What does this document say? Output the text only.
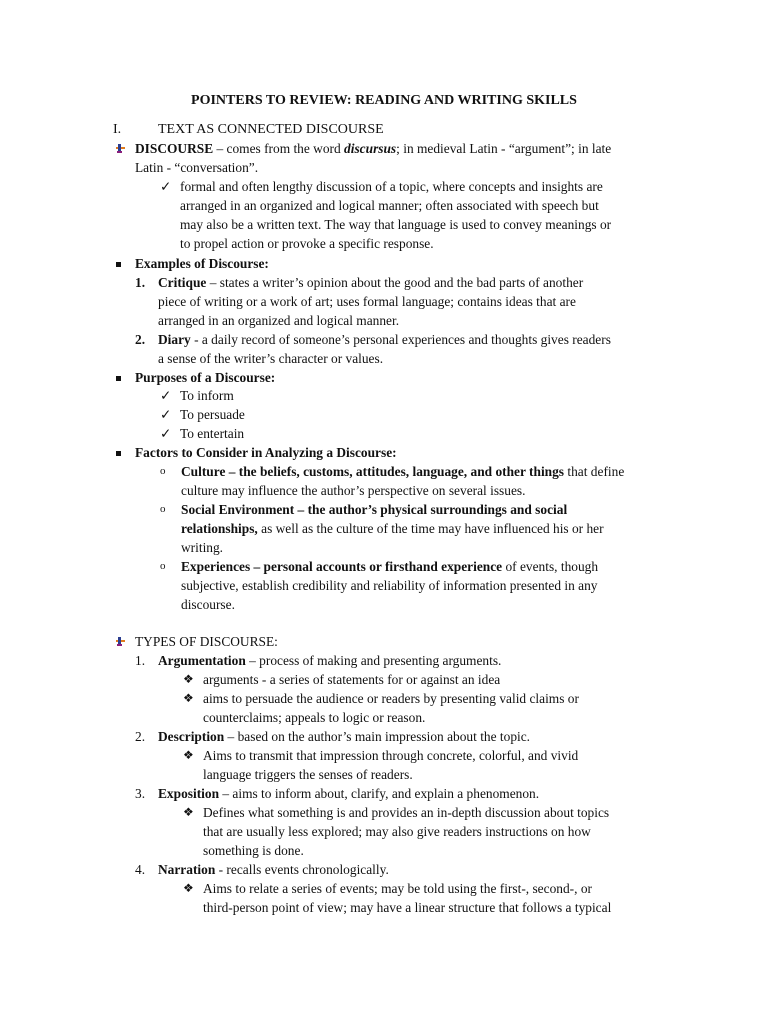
POINTERS TO REVIEW: READING AND WRITING SKILLS
I.	TEXT AS CONNECTED DISCOURSE
DISCOURSE – comes from the word discursus; in medieval Latin - “argument”; in late
Latin - “conversation”.
✓ formal and often lengthy discussion of a topic, where concepts and insights are
arranged in an organized and logical manner; often associated with speech but
may also be a written text. The way that language is used to convey meanings or
to propel action or provoke a specific response.
Examples of Discourse:
1. Critique – states a writer’s opinion about the good and the bad parts of another
piece of writing or a work of art; uses formal language; contains ideas that are
arranged in an organized and logical manner.
2. Diary - a daily record of someone’s personal experiences and thoughts gives readers
a sense of the writer’s character or values.
Purposes of a Discourse:
✓ To inform
✓ To persuade
✓ To entertain
Factors to Consider in Analyzing a Discourse:
o Culture – the beliefs, customs, attitudes, language, and other things that define
culture may influence the author’s perspective on several issues.
o Social Environment – the author’s physical surroundings and social
relationships, as well as the culture of the time may have influenced his or her
writing.
o Experiences – personal accounts or firsthand experience of events, though
subjective, establish credibility and reliability of information presented in any
discourse.
TYPES OF DISCOURSE:
1. Argumentation – process of making and presenting arguments.
❖ arguments - a series of statements for or against an idea
❖ aims to persuade the audience or readers by presenting valid claims or
counterclaims; appeals to logic or reason.
2. Description – based on the author’s main impression about the topic.
❖ Aims to transmit that impression through concrete, colorful, and vivid
language triggers the senses of readers.
3. Exposition – aims to inform about, clarify, and explain a phenomenon.
❖ Defines what something is and provides an in-depth discussion about topics
that are usually less explored; may also give readers instructions on how
something is done.
4. Narration - recalls events chronologically.
❖ Aims to relate a series of events; may be told using the first-, second-, or
third-person point of view; may have a linear structure that follows a typical
